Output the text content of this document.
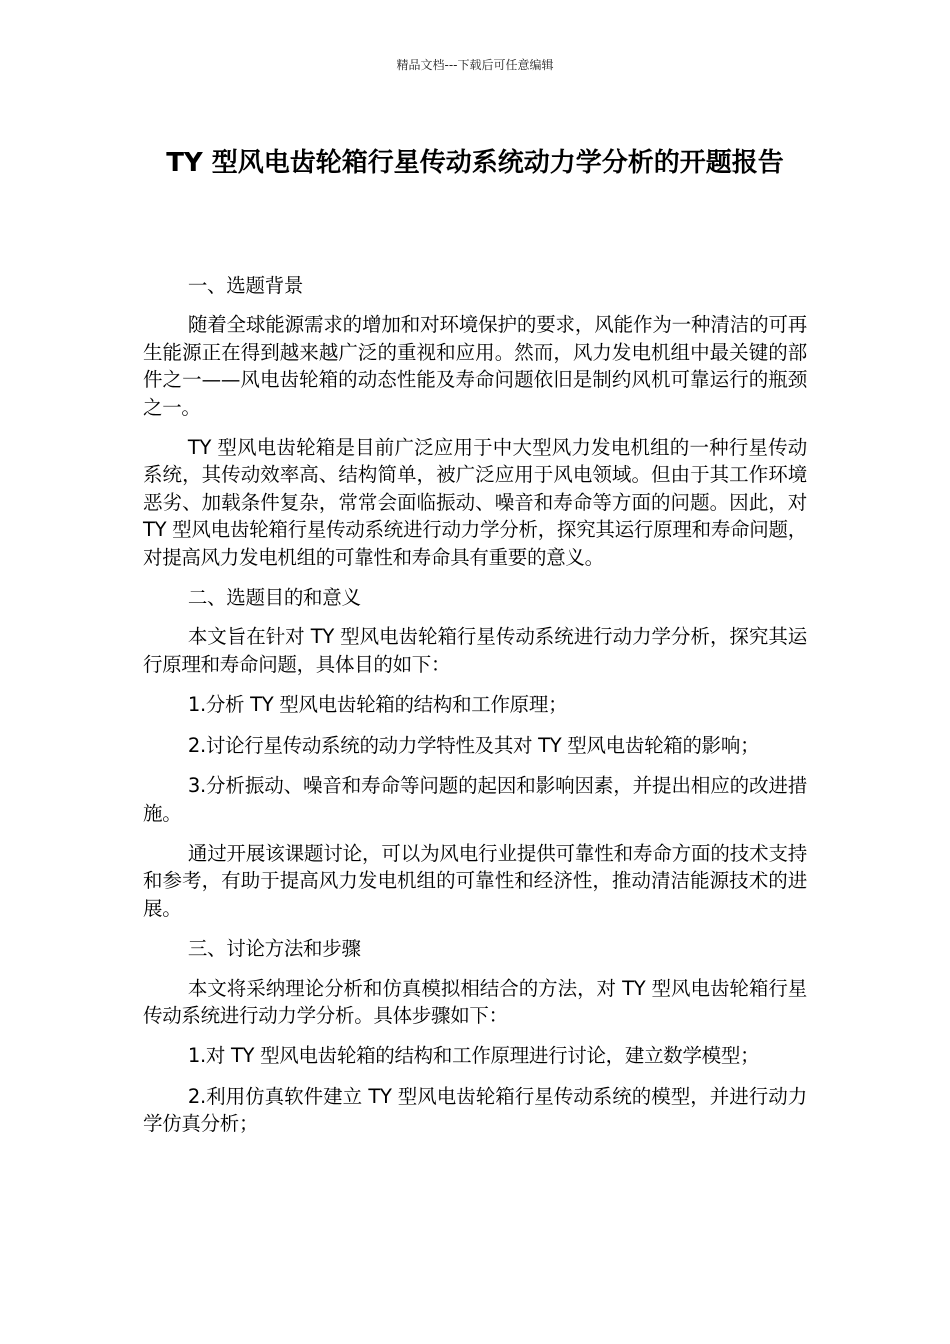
精品文档---下载后可任意编辑
TY 型风电齿轮箱行星传动系统动力学分析的开题报告

一、选题背景

随着全球能源需求的增加和对环境保护的要求，风能作为一种清洁的可再生能源正在得到越来越广泛的重视和应用。然而，风力发电机组中最关键的部件之一——风电齿轮箱的动态性能及寿命问题依旧是制约风机可靠运行的瓶颈之一。

TY 型风电齿轮箱是目前广泛应用于中大型风力发电机组的一种行星传动系统，其传动效率高、结构简单，被广泛应用于风电领域。但由于其工作环境恶劣、加载条件复杂，常常会面临振动、噪音和寿命等方面的问题。因此，对 TY 型风电齿轮箱行星传动系统进行动力学分析，探究其运行原理和寿命问题，对提高风力发电机组的可靠性和寿命具有重要的意义。

二、选题目的和意义

本文旨在针对 TY 型风电齿轮箱行星传动系统进行动力学分析，探究其运行原理和寿命问题，具体目的如下：

1.分析 TY 型风电齿轮箱的结构和工作原理；

2.讨论行星传动系统的动力学特性及其对 TY 型风电齿轮箱的影响；

3.分析振动、噪音和寿命等问题的起因和影响因素，并提出相应的改进措施。

通过开展该课题讨论，可以为风电行业提供可靠性和寿命方面的技术支持和参考，有助于提高风力发电机组的可靠性和经济性，推动清洁能源技术的进展。

三、讨论方法和步骤

本文将采纳理论分析和仿真模拟相结合的方法，对 TY 型风电齿轮箱行星传动系统进行动力学分析。具体步骤如下：

1.对 TY 型风电齿轮箱的结构和工作原理进行讨论，建立数学模型；

2.利用仿真软件建立 TY 型风电齿轮箱行星传动系统的模型，并进行动力学仿真分析；
